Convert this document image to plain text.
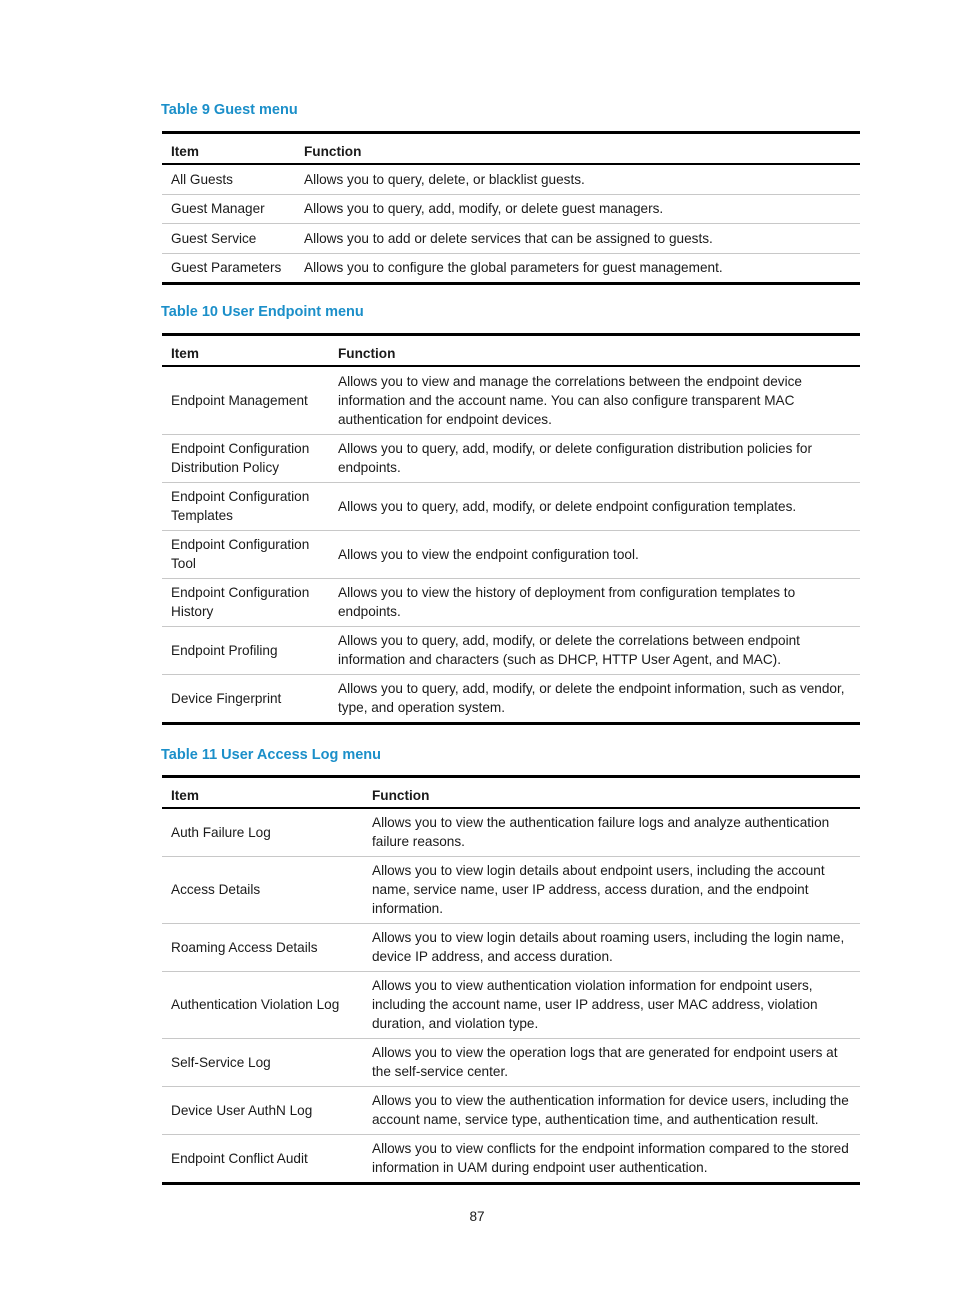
Table 9 Guest menu

Item	Function
All Guests	Allows you to query, delete, or blacklist guests.
Guest Manager	Allows you to query, add, modify, or delete guest managers.
Guest Service	Allows you to add or delete services that can be assigned to guests.
Guest Parameters	Allows you to configure the global parameters for guest management.

Table 10 User Endpoint menu

Item	Function
Endpoint Management	Allows you to view and manage the correlations between the endpoint device information and the account name. You can also configure transparent MAC authentication for endpoint devices.
Endpoint Configuration Distribution Policy	Allows you to query, add, modify, or delete configuration distribution policies for endpoints.
Endpoint Configuration Templates	Allows you to query, add, modify, or delete endpoint configuration templates.
Endpoint Configuration Tool	Allows you to view the endpoint configuration tool.
Endpoint Configuration History	Allows you to view the history of deployment from configuration templates to endpoints.
Endpoint Profiling	Allows you to query, add, modify, or delete the correlations between endpoint information and characters (such as DHCP, HTTP User Agent, and MAC).
Device Fingerprint	Allows you to query, add, modify, or delete the endpoint information, such as vendor, type, and operation system.

Table 11 User Access Log menu

Item	Function
Auth Failure Log	Allows you to view the authentication failure logs and analyze authentication failure reasons.
Access Details	Allows you to view login details about endpoint users, including the account name, service name, user IP address, access duration, and the endpoint information.
Roaming Access Details	Allows you to view login details about roaming users, including the login name, device IP address, and access duration.
Authentication Violation Log	Allows you to view authentication violation information for endpoint users, including the account name, user IP address, user MAC address, violation duration, and violation type.
Self-Service Log	Allows you to view the operation logs that are generated for endpoint users at the self-service center.
Device User AuthN Log	Allows you to view the authentication information for device users, including the account name, service type, authentication time, and authentication result.
Endpoint Conflict Audit	Allows you to view conflicts for the endpoint information compared to the stored information in UAM during endpoint user authentication.
87
